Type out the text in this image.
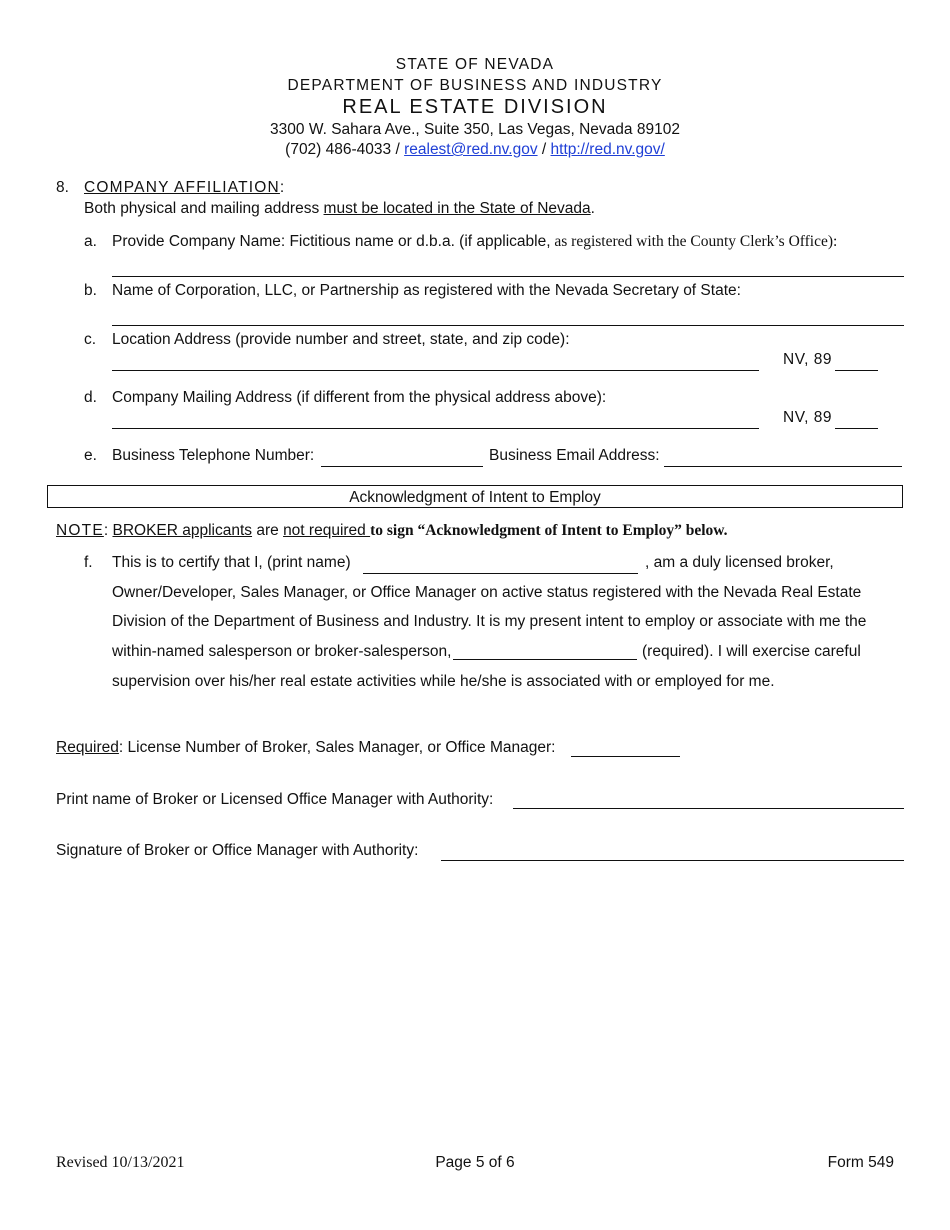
STATE OF NEVADA
DEPARTMENT OF BUSINESS AND INDUSTRY
REAL ESTATE DIVISION
3300 W. Sahara Ave., Suite 350, Las Vegas, Nevada 89102
(702) 486-4033 / realest@red.nv.gov / http://red.nv.gov/
8. COMPANY AFFILIATION:
Both physical and mailing address must be located in the State of Nevada.
a. Provide Company Name: Fictitious name or d.b.a. (if applicable, as registered with the County Clerk’s Office):
b. Name of Corporation, LLC, or Partnership as registered with the Nevada Secretary of State:
c. Location Address (provide number and street, state, and zip code):
NV, 89
d. Company Mailing Address (if different from the physical address above):
NV, 89
e. Business Telephone Number:	Business Email Address:
Acknowledgment of Intent to Employ
NOTE: BROKER applicants are not required to sign “Acknowledgment of Intent to Employ” below.
f. This is to certify that I, (print name)	, am a duly licensed broker,
Owner/Developer, Sales Manager, or Office Manager on active status registered with the Nevada Real Estate
Division of the Department of Business and Industry. It is my present intent to employ or associate with me the
within-named salesperson or broker-salesperson,	(required). I will exercise careful
supervision over his/her real estate activities while he/she is associated with or employed for me.
Required: License Number of Broker, Sales Manager, or Office Manager:
Print name of Broker or Licensed Office Manager with Authority:
Signature of Broker or Office Manager with Authority:
Revised 10/13/2021	Page 5 of 6	Form 549
